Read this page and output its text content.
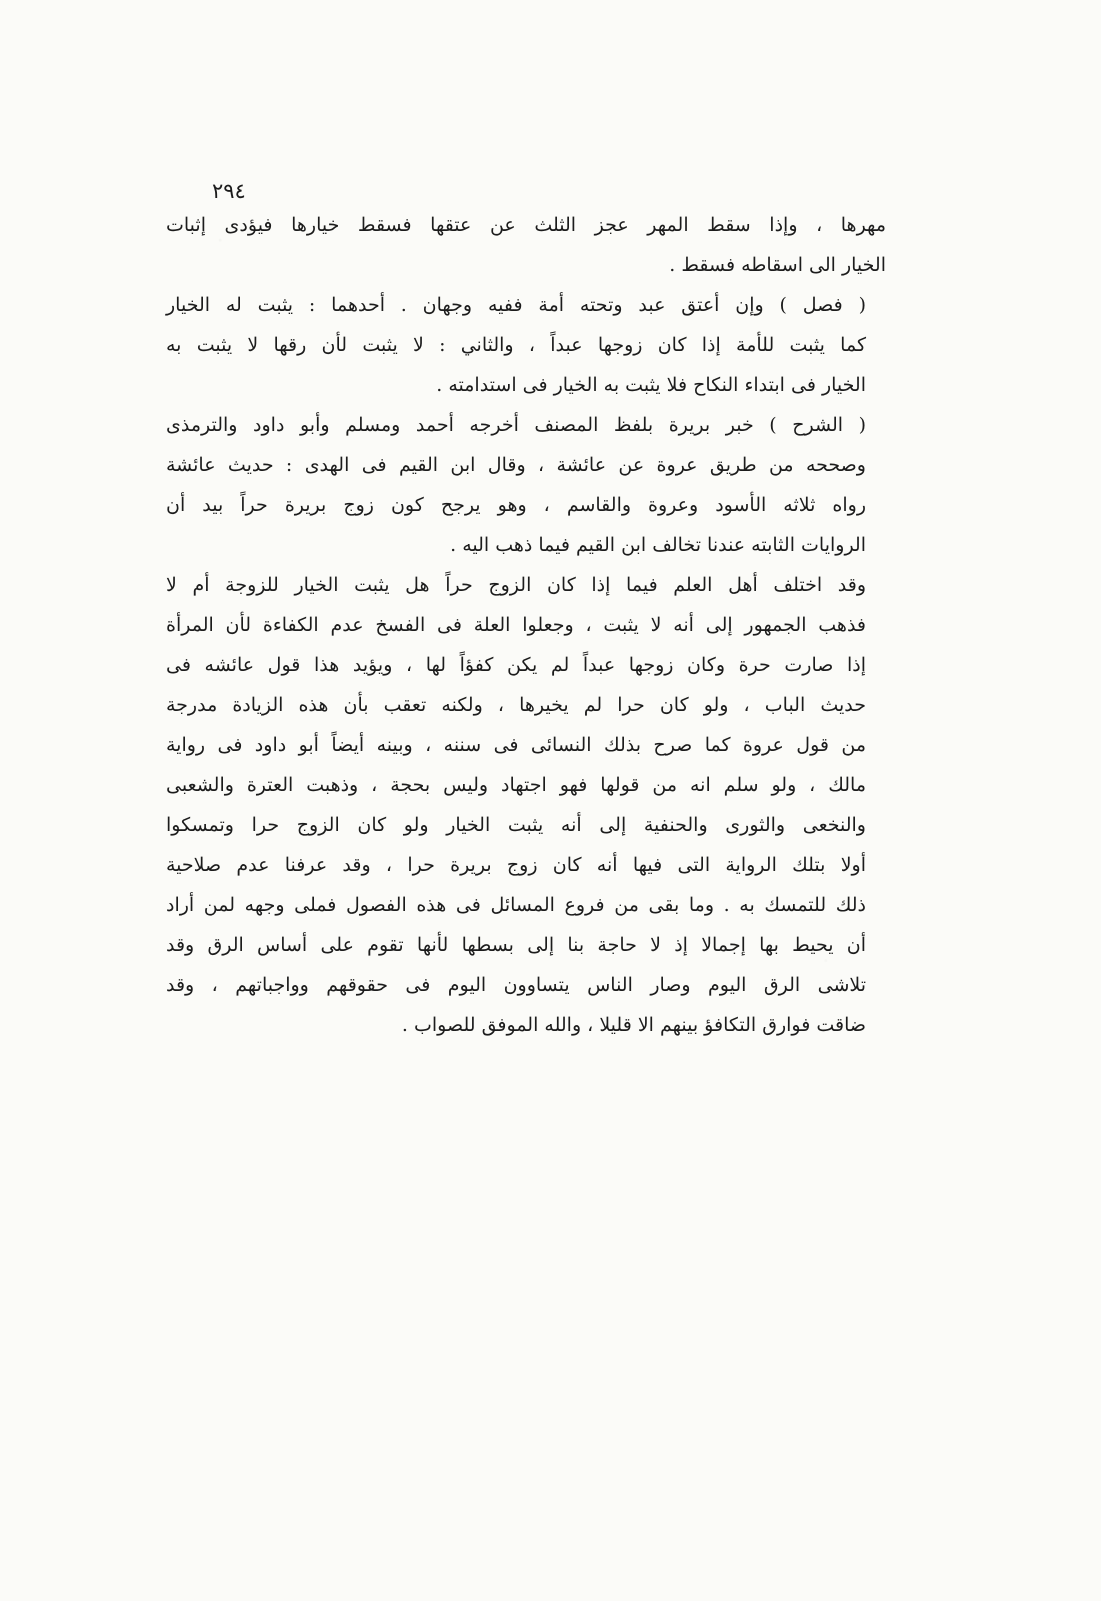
٢٩٤

مهرها ، وإذا سقط المهر عجز الثلث عن عتقها فسقط خيارها فيؤدى إثبات
الخيار الى اسقاطه فسقط .

( فصل ) وإن أعتق عبد وتحته أمة ففيه وجهان . أحدهما : يثبت له الخيار
كما يثبت للأمة إذا كان زوجها عبداً ، والثاني : لا يثبت لأن رقها لا يثبت به
الخيار فى ابتداء النكاح فلا يثبت به الخيار فى استدامته .

( الشرح ) خبر بريرة بلفظ المصنف أخرجه أحمد ومسلم وأبو داود والترمذى
وصححه من طريق عروة عن عائشة ، وقال ابن القيم فى الهدى : حديث عائشة
رواه ثلاثه الأسود وعروة والقاسم ، وهو يرجح كون زوج بريرة حراً بيد أن
الروايات الثابته عندنا تخالف ابن القيم فيما ذهب اليه .

وقد اختلف أهل العلم فيما إذا كان الزوج حراً هل يثبت الخيار للزوجة أم لا
فذهب الجمهور إلى أنه لا يثبت ، وجعلوا العلة فى الفسخ عدم الكفاءة لأن المرأة
إذا صارت حرة وكان زوجها عبداً لم يكن كفؤاً لها ، ويؤيد هذا قول عائشه فى
حديث الباب ، ولو كان حرا لم يخيرها ، ولكنه تعقب بأن هذه الزيادة مدرجة
من قول عروة كما صرح بذلك النسائى فى سننه ، وبينه أيضاً أبو داود فى رواية
مالك ، ولو سلم انه من قولها فهو اجتهاد وليس بحجة ، وذهبت العترة والشعبى
والنخعى والثورى والحنفية إلى أنه يثبت الخيار ولو كان الزوج حرا وتمسكوا
أولا بتلك الرواية التى فيها أنه كان زوج بريرة حرا ، وقد عرفنا عدم صلاحية
ذلك للتمسك به . وما بقى من فروع المسائل فى هذه الفصول فملى وجهه لمن أراد
أن يحيط بها إجمالا إذ لا حاجة بنا إلى بسطها لأنها تقوم على أساس الرق وقد
تلاشى الرق اليوم وصار الناس يتساوون اليوم فى حقوقهم وواجباتهم ، وقد
ضاقت فوارق التكافؤ بينهم الا قليلا ، والله الموفق للصواب .
